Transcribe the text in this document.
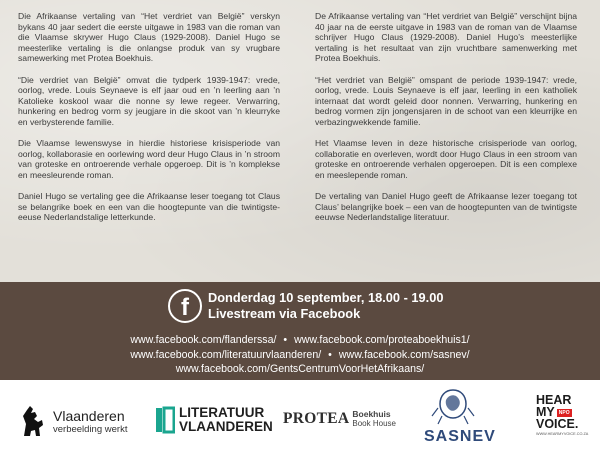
Die Afrikaanse vertaling van “Het verdriet van België” verskyn bykans 40 jaar sedert die eerste uitgawe in 1983 van die roman van die Vlaamse skrywer Hugo Claus (1929-2008). Daniel Hugo se meesterlike vertaling is die onlangse produk van sy vrugbare samewerking met Protea Boekhuis.

“Die verdriet van België” omvat die tydperk 1939-1947: vrede, oorlog, vrede. Louis Seynaeve is elf jaar oud en ’n leerling aan ’n Katolieke koskool waar die nonne sy lewe regeer. Verwarring, hunkering en bedrog vorm sy jeugjare in die skoot van ’n kleurryke en verbysterende familie.

Die Vlaamse lewenswyse in hierdie historiese krisisperiode van oorlog, kollaborasie en oorlewing word deur Hugo Claus in ’n stroom van groteske en ontroerende verhale opgeroep. Dit is ’n komplekse en meesleurende roman.

Daniel Hugo se vertaling gee die Afrikaanse leser toegang tot Claus se belangrike boek en een van die hoogtepunte van die twintigste-eeuse Nederlandstalige letterkunde.

De Afrikaanse vertaling van “Het verdriet van België” verschijnt bijna 40 jaar na de eerste uitgave in 1983 van de roman van de Vlaamse schrijver Hugo Claus (1929-2008). Daniel Hugo’s meesterlijke vertaling is het resultaat van zijn vruchtbare samenwerking met Protea Boekhuis.

“Het verdriet van België” omspant de periode 1939-1947: vrede, oorlog, vrede. Louis Seynaeve is elf jaar, leerling in een katholiek internaat dat wordt geleid door nonnen. Verwarring, hunkering en bedrog vormen zijn jongensjaren in de schoot van een kleurrijke en verbazingwekkende familie.

Het Vlaamse leven in deze historische crisisperiode van oorlog, collaboratie en overleven, wordt door Hugo Claus in een stroom van groteske en ontroerende verhalen opgeroepen. Dit is een complexe en meeslepende roman.

De vertaling van Daniel Hugo geeft de Afrikaanse lezer toegang tot Claus’ belangrijke boek – een van de hoogtepunten van de twintigste eeuwse Nederlandstalige literatuur.

f Donderdag 10 september, 18.00 - 19.00
Livestream via Facebook
www.facebook.com/flanderssa/ • www.facebook.com/proteaboekhuis1/
www.facebook.com/literatuurvlaanderen/ • www.facebook.com/sasnev/
www.facebook.com/GentsCentrumVoorHetAfrikaans/
Vlaanderen
verbeelding werkt
LITERATUUR
VLAANDEREN PROTEA Boekhuis
Book House
SASNEV
HEAR
MY NPO
VOICE.
WWW.HEARMYVOICE.CO.ZA
